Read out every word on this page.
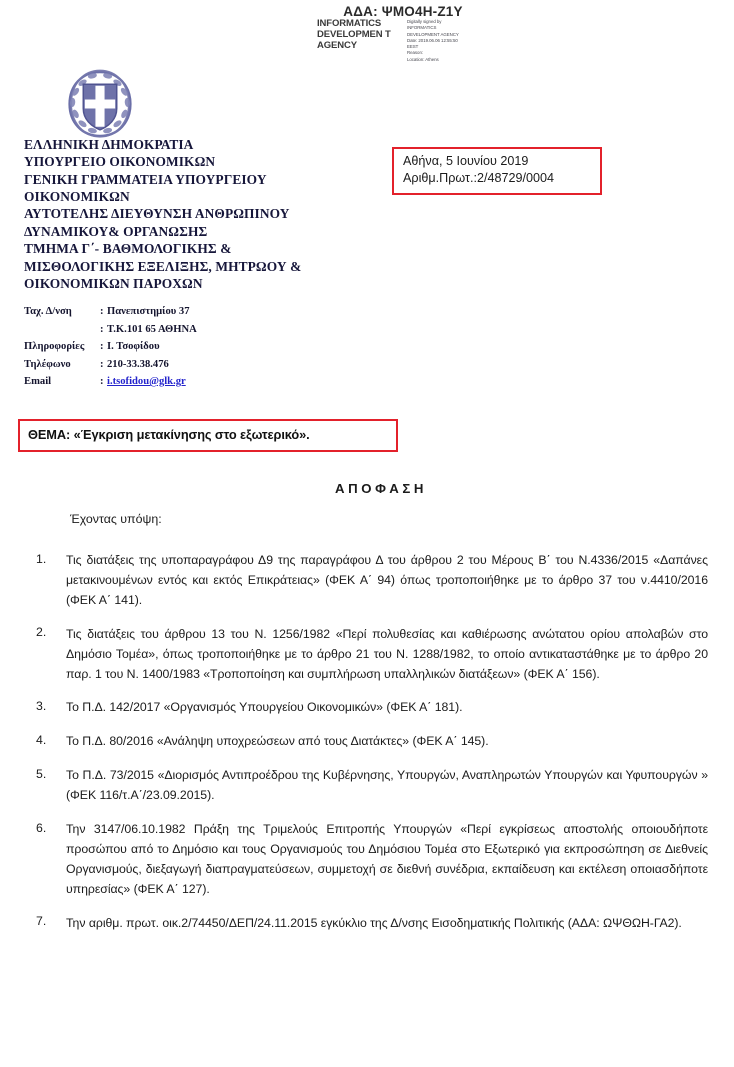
ΑΔΑ: ΨΜΟ4Η-Ζ1Υ
INFORMATICS DEVELOPMEN T AGENCY
Digitally signed by
INFORMATICS
DEVELOPMENT AGENCY
Date: 2019.06.06 12:55:50
EEST
Reason:
Location: Athens
ΕΛΛΗΝΙΚΗ ΔΗΜΟΚΡΑΤΙΑ
ΥΠΟΥΡΓΕΙΟ ΟΙΚΟΝΟΜΙΚΩΝ
ΓΕΝΙΚΗ ΓΡΑΜΜΑΤΕΙΑ ΥΠΟΥΡΓΕΙΟΥ
ΟΙΚΟΝΟΜΙΚΩΝ
ΑΥΤΟΤΕΛΗΣ ΔΙΕΥΘΥΝΣΗ ΑΝΘΡΩΠΙΝΟΥ
ΔΥΝΑΜΙΚΟΥ& ΟΡΓΑΝΩΣΗΣ
ΤΜΗΜΑ Γ΄- ΒΑΘΜΟΛΟΓΙΚΗΣ &
ΜΙΣΘΟΛΟΓΙΚΗΣ ΕΞΕΛΙΞΗΣ, ΜΗΤΡΩΟΥ &
ΟΙΚΟΝΟΜΙΚΩΝ ΠΑΡΟΧΩΝ
Αθήνα, 5 Ιουνίου 2019
Αριθμ.Πρωτ.:2/48729/0004
Ταχ. Δ/νση	: Πανεπιστημίου 37
: Τ.Κ.101 65 ΑΘΗΝΑ
Πληροφορίες	: Ι. Τσοφίδου
Τηλέφωνο	: 210-33.38.476
Email	: i.tsofidou@glk.gr
ΘΕΜΑ: «Έγκριση μετακίνησης στο εξωτερικό».
ΑΠΟΦΑΣΗ
Έχοντας υπόψη:
1.	Τις διατάξεις της υποπαραγράφου Δ9 της παραγράφου Δ του άρθρου 2 του Μέρους Β΄ του Ν.4336/2015 «Δαπάνες μετακινουμένων εντός και εκτός Επικράτειας» (ΦΕΚ Α΄ 94) όπως τροποποιήθηκε με το άρθρο 37 του ν.4410/2016 (ΦΕΚ Α΄ 141).
2.	Τις διατάξεις του άρθρου 13 του Ν. 1256/1982 «Περί πολυθεσίας και καθιέρωσης ανώτατου ορίου απολαβών στο Δημόσιο Τομέα», όπως τροποποιήθηκε με το άρθρο 21 του Ν. 1288/1982, το οποίο αντικαταστάθηκε με το άρθρο 20 παρ. 1 του Ν. 1400/1983 «Τροποποίηση και συμπλήρωση υπαλληλικών διατάξεων» (ΦΕΚ Α΄ 156).
3.	Το Π.Δ. 142/2017 «Οργανισμός Υπουργείου Οικονομικών» (ΦΕΚ Α΄ 181).
4.	Το Π.Δ. 80/2016 «Ανάληψη υποχρεώσεων από τους Διατάκτες» (ΦΕΚ Α΄ 145).
5.	Το Π.Δ. 73/2015 «Διορισμός Αντιπροέδρου της Κυβέρνησης, Υπουργών, Αναπληρωτών Υπουργών και Υφυπουργών » (ΦΕΚ 116/τ.Α΄/23.09.2015).
6.	Την 3147/06.10.1982 Πράξη της Τριμελούς Επιτροπής Υπουργών «Περί εγκρίσεως αποστολής οποιουδήποτε προσώπου από το Δημόσιο και τους Οργανισμούς του Δημόσιου Τομέα στο Εξωτερικό για εκπροσώπηση σε Διεθνείς Οργανισμούς, διεξαγωγή διαπραγματεύσεων, συμμετοχή σε διεθνή συνέδρια, εκπαίδευση και εκτέλεση οποιασδήποτε υπηρεσίας» (ΦΕΚ Α΄ 127).
7.	Την αριθμ. πρωτ. οικ.2/74450/ΔΕΠ/24.11.2015 εγκύκλιο της Δ/νσης Εισοδηματικής Πολιτικής (ΑΔΑ: ΩΨΘΩΗ-ΓΑ2).
